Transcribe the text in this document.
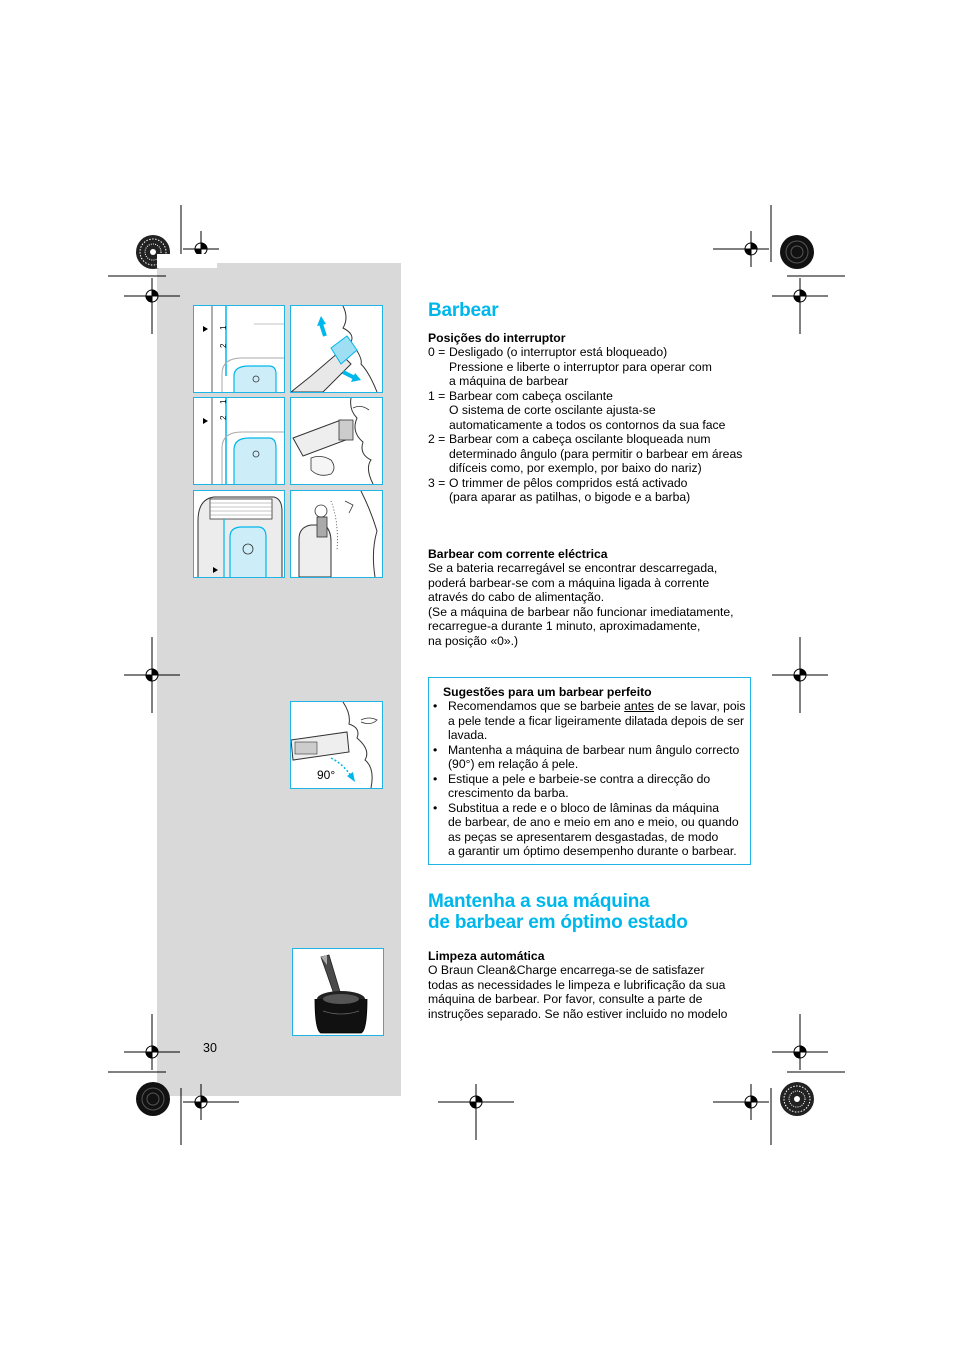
1
2
1
2
90°
Barbear

Posições do interruptor

0 = Desligado (o interruptor está bloqueado)
Pressione e liberte o interruptor para operar com
a máquina de barbear
1 = Barbear com cabeça oscilante
O sistema de corte oscilante ajusta-se
automaticamente a todos os contornos da sua face
2 = Barbear com a cabeça oscilante bloqueada num
determinado ângulo (para permitir o barbear em áreas
difíceis como, por exemplo, por baixo do nariz)
3 = O trimmer de pêlos compridos está activado
(para aparar as patilhas, o bigode e a barba)

Barbear com corrente eléctrica

Se a bateria recarregável se encontrar descarregada,
poderá barbear-se com a máquina ligada à corrente
através do cabo de alimentação.
(Se a máquina de barbear não funcionar imediatamente,
recarregue-a durante 1 minuto, aproximadamente,
na posição «0».)

Sugestões para um barbear perfeito

• Recomendamos que se barbeie antes de se lavar, pois
a pele tende a ficar ligeiramente dilatada depois de ser
lavada.
• Mantenha a máquina de barbear num ângulo correcto
(90°) em relação á pele.
• Estique a pele e barbeie-se contra a direcção do
crescimento da barba.
• Substitua a rede e o bloco de lâminas da máquina
de barbear, de ano e meio em ano e meio, ou quando
as peças se apresentarem desgastadas, de modo
a garantir um óptimo desempenho durante o barbear.
Mantenha a sua máquina
de barbear em óptimo estado

Limpeza automática

O Braun Clean&Charge encarrega-se de satisfazer
todas as necessidades le limpeza e lubrificação da sua
máquina de barbear. Por favor, consulte a parte de
instruções separado. Se não estiver incluido no modelo

30
